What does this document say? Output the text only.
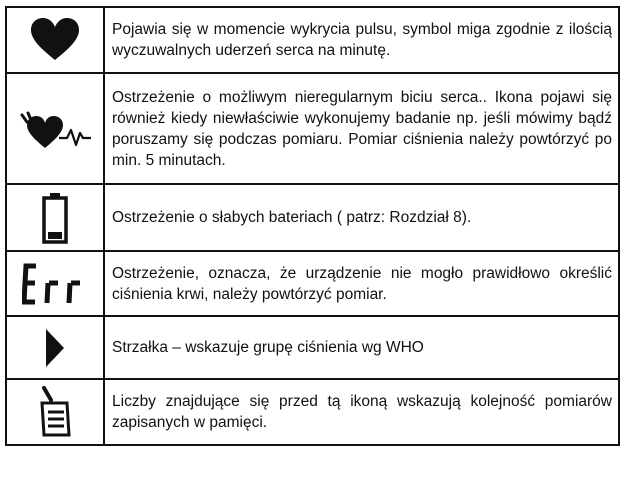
	Pojawia się w momencie wykrycia pulsu, symbol miga zgodnie z ilością wyczuwalnych uderzeń serca na minutę.

	Ostrzeżenie o możliwym nieregularnym biciu serca.. Ikona pojawi się również kiedy niewłaściwie wykonujemy badanie np. jeśli mówimy bądź poruszamy się podczas pomiaru. Pomiar ciśnienia należy powtórzyć po min. 5 minutach.

	Ostrzeżenie o słabych bateriach ( patrz: Rozdział 8).

	Ostrzeżenie, oznacza, że urządzenie nie mogło prawidłowo określić ciśnienia krwi, należy powtórzyć pomiar.

	Strzałka – wskazuje grupę ciśnienia wg WHO

	Liczby znajdujące się przed tą ikoną wskazują kolejność pomiarów zapisanych w pamięci.
